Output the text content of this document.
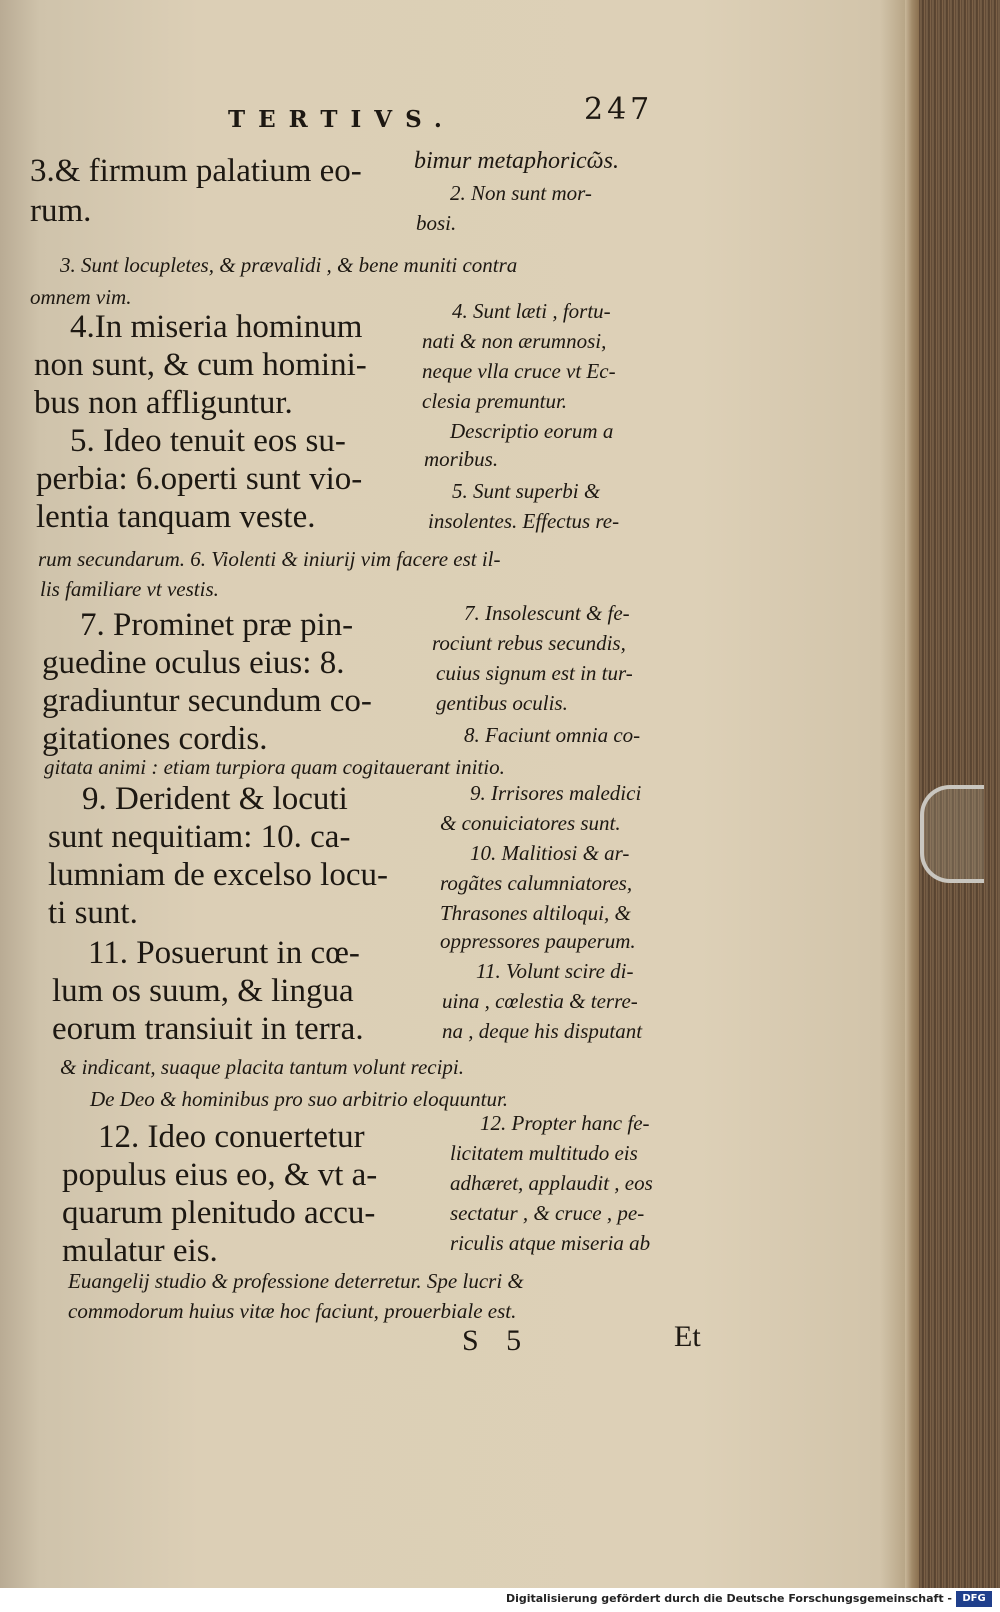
TERTIVS.	247

3.& firmum palatium eo-

rum.

bimur metaphoricῶs.

2. Non sunt mor-

bosi.

3. Sunt locupletes, & prævalidi , & bene muniti contra

omnem vim.

4.In miseria hominum

non sunt, & cum homini-

bus non affliguntur.

4. Sunt læti , fortu-

nati & non ærumnosi,

neque vlla cruce vt Ec-

clesia premuntur.

5. Ideo tenuit eos su-

perbia: 6.operti sunt vio-

lentia tanquam veste.

Descriptio eorum a

moribus.

5. Sunt superbi &

insolentes. Effectus re-

rum secundarum. 6. Violenti & iniurij vim facere est il-

lis familiare vt vestis.

7. Prominet præ pin-

guedine oculus eius: 8.

gradiuntur secundum co-

gitationes cordis.

7. Insolescunt & fe-

rociunt rebus secundis,

cuius signum est in tur-

gentibus oculis.

8. Faciunt omnia co-

gitata animi : etiam turpiora quam cogitauerant initio.

9. Derident & locuti

sunt nequitiam: 10. ca-

lumniam de excelso locu-

ti sunt.

9. Irrisores maledici

& conuiciatores sunt.

10. Malitiosi & ar-

rogãtes calumniatores,

Thrasones altiloqui, &

oppressores pauperum.

11. Posuerunt in cœ-

lum os suum, & lingua

eorum transiuit in terra.

11. Volunt scire di-

uina , cœlestia & terre-

na , deque his disputant

& indicant, suaque placita tantum volunt recipi.

De Deo & hominibus pro suo arbitrio eloquuntur.

12. Ideo conuertetur

populus eius eo, & vt a-

quarum plenitudo accu-

mulatur eis.

12. Propter hanc fe-

licitatem multitudo eis

adhæret, applaudit , eos

sectatur , & cruce , pe-

riculis atque miseria ab

Euangelij studio & professione deterretur. Spe lucri &

commodorum huius vitæ hoc faciunt, prouerbiale est.

S 5	Et
Digitalisierung gefördert durch die Deutsche Forschungsgemeinschaft -	DFG
